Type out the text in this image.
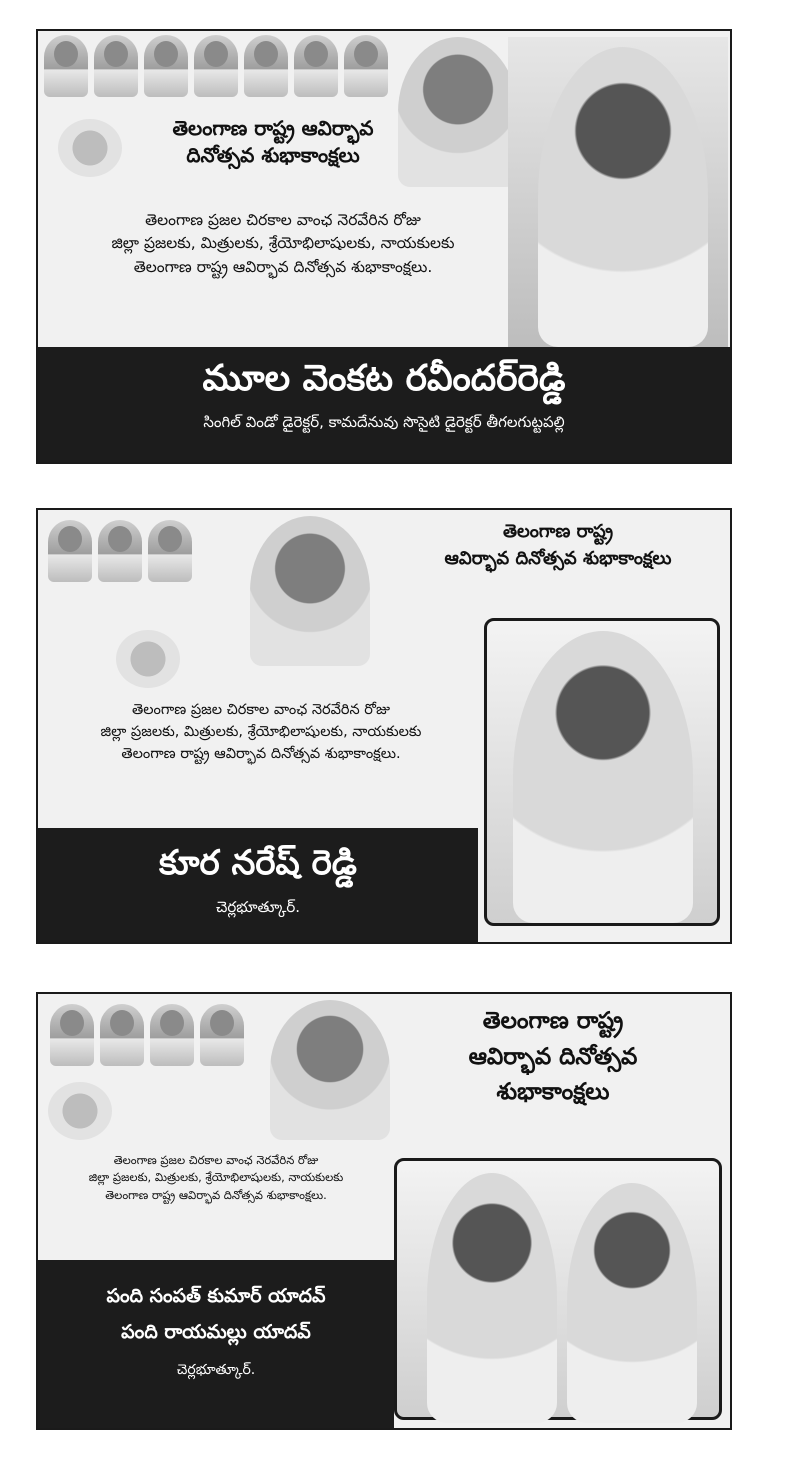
తెలంగాణ రాష్ట్ర ఆవిర్భావ
దినోత్సవ శుభాకాంక్షలు
తెలంగాణ ప్రజల చిరకాల వాంఛ నెరవేరిన రోజు
జిల్లా ప్రజలకు, మిత్రులకు, శ్రేయోభిలాషులకు, నాయకులకు
తెలంగాణ రాష్ట్ర ఆవిర్భావ దినోత్సవ శుభాకాంక్షలు.
మూల వెంకట రవీందర్‌రెడ్డి
సింగిల్ విండో డైరెక్టర్, కామదేనువు సొసైటి డైరెక్టర్ తీగలగుట్టపల్లి
తెలంగాణ రాష్ట్ర
ఆవిర్భావ దినోత్సవ శుభాకాంక్షలు
తెలంగాణ ప్రజల చిరకాల వాంఛ నెరవేరిన రోజు
జిల్లా ప్రజలకు, మిత్రులకు, శ్రేయోభిలాషులకు, నాయకులకు
తెలంగాణ రాష్ట్ర ఆవిర్భావ దినోత్సవ శుభాకాంక్షలు.
కూర నరేష్ రెడ్డి
చెర్లభూత్కూర్.
తెలంగాణ రాష్ట్ర
ఆవిర్భావ దినోత్సవ
శుభాకాంక్షలు
తెలంగాణ ప్రజల చిరకాల వాంఛ నెరవేరిన రోజు
జిల్లా ప్రజలకు, మిత్రులకు, శ్రేయోభిలాషులకు, నాయకులకు
తెలంగాణ రాష్ట్ర ఆవిర్భావ దినోత్సవ శుభాకాంక్షలు.
పంది సంపత్ కుమార్ యాదవ్
పంది రాయమల్లు యాదవ్
చెర్లభూత్కూర్.
